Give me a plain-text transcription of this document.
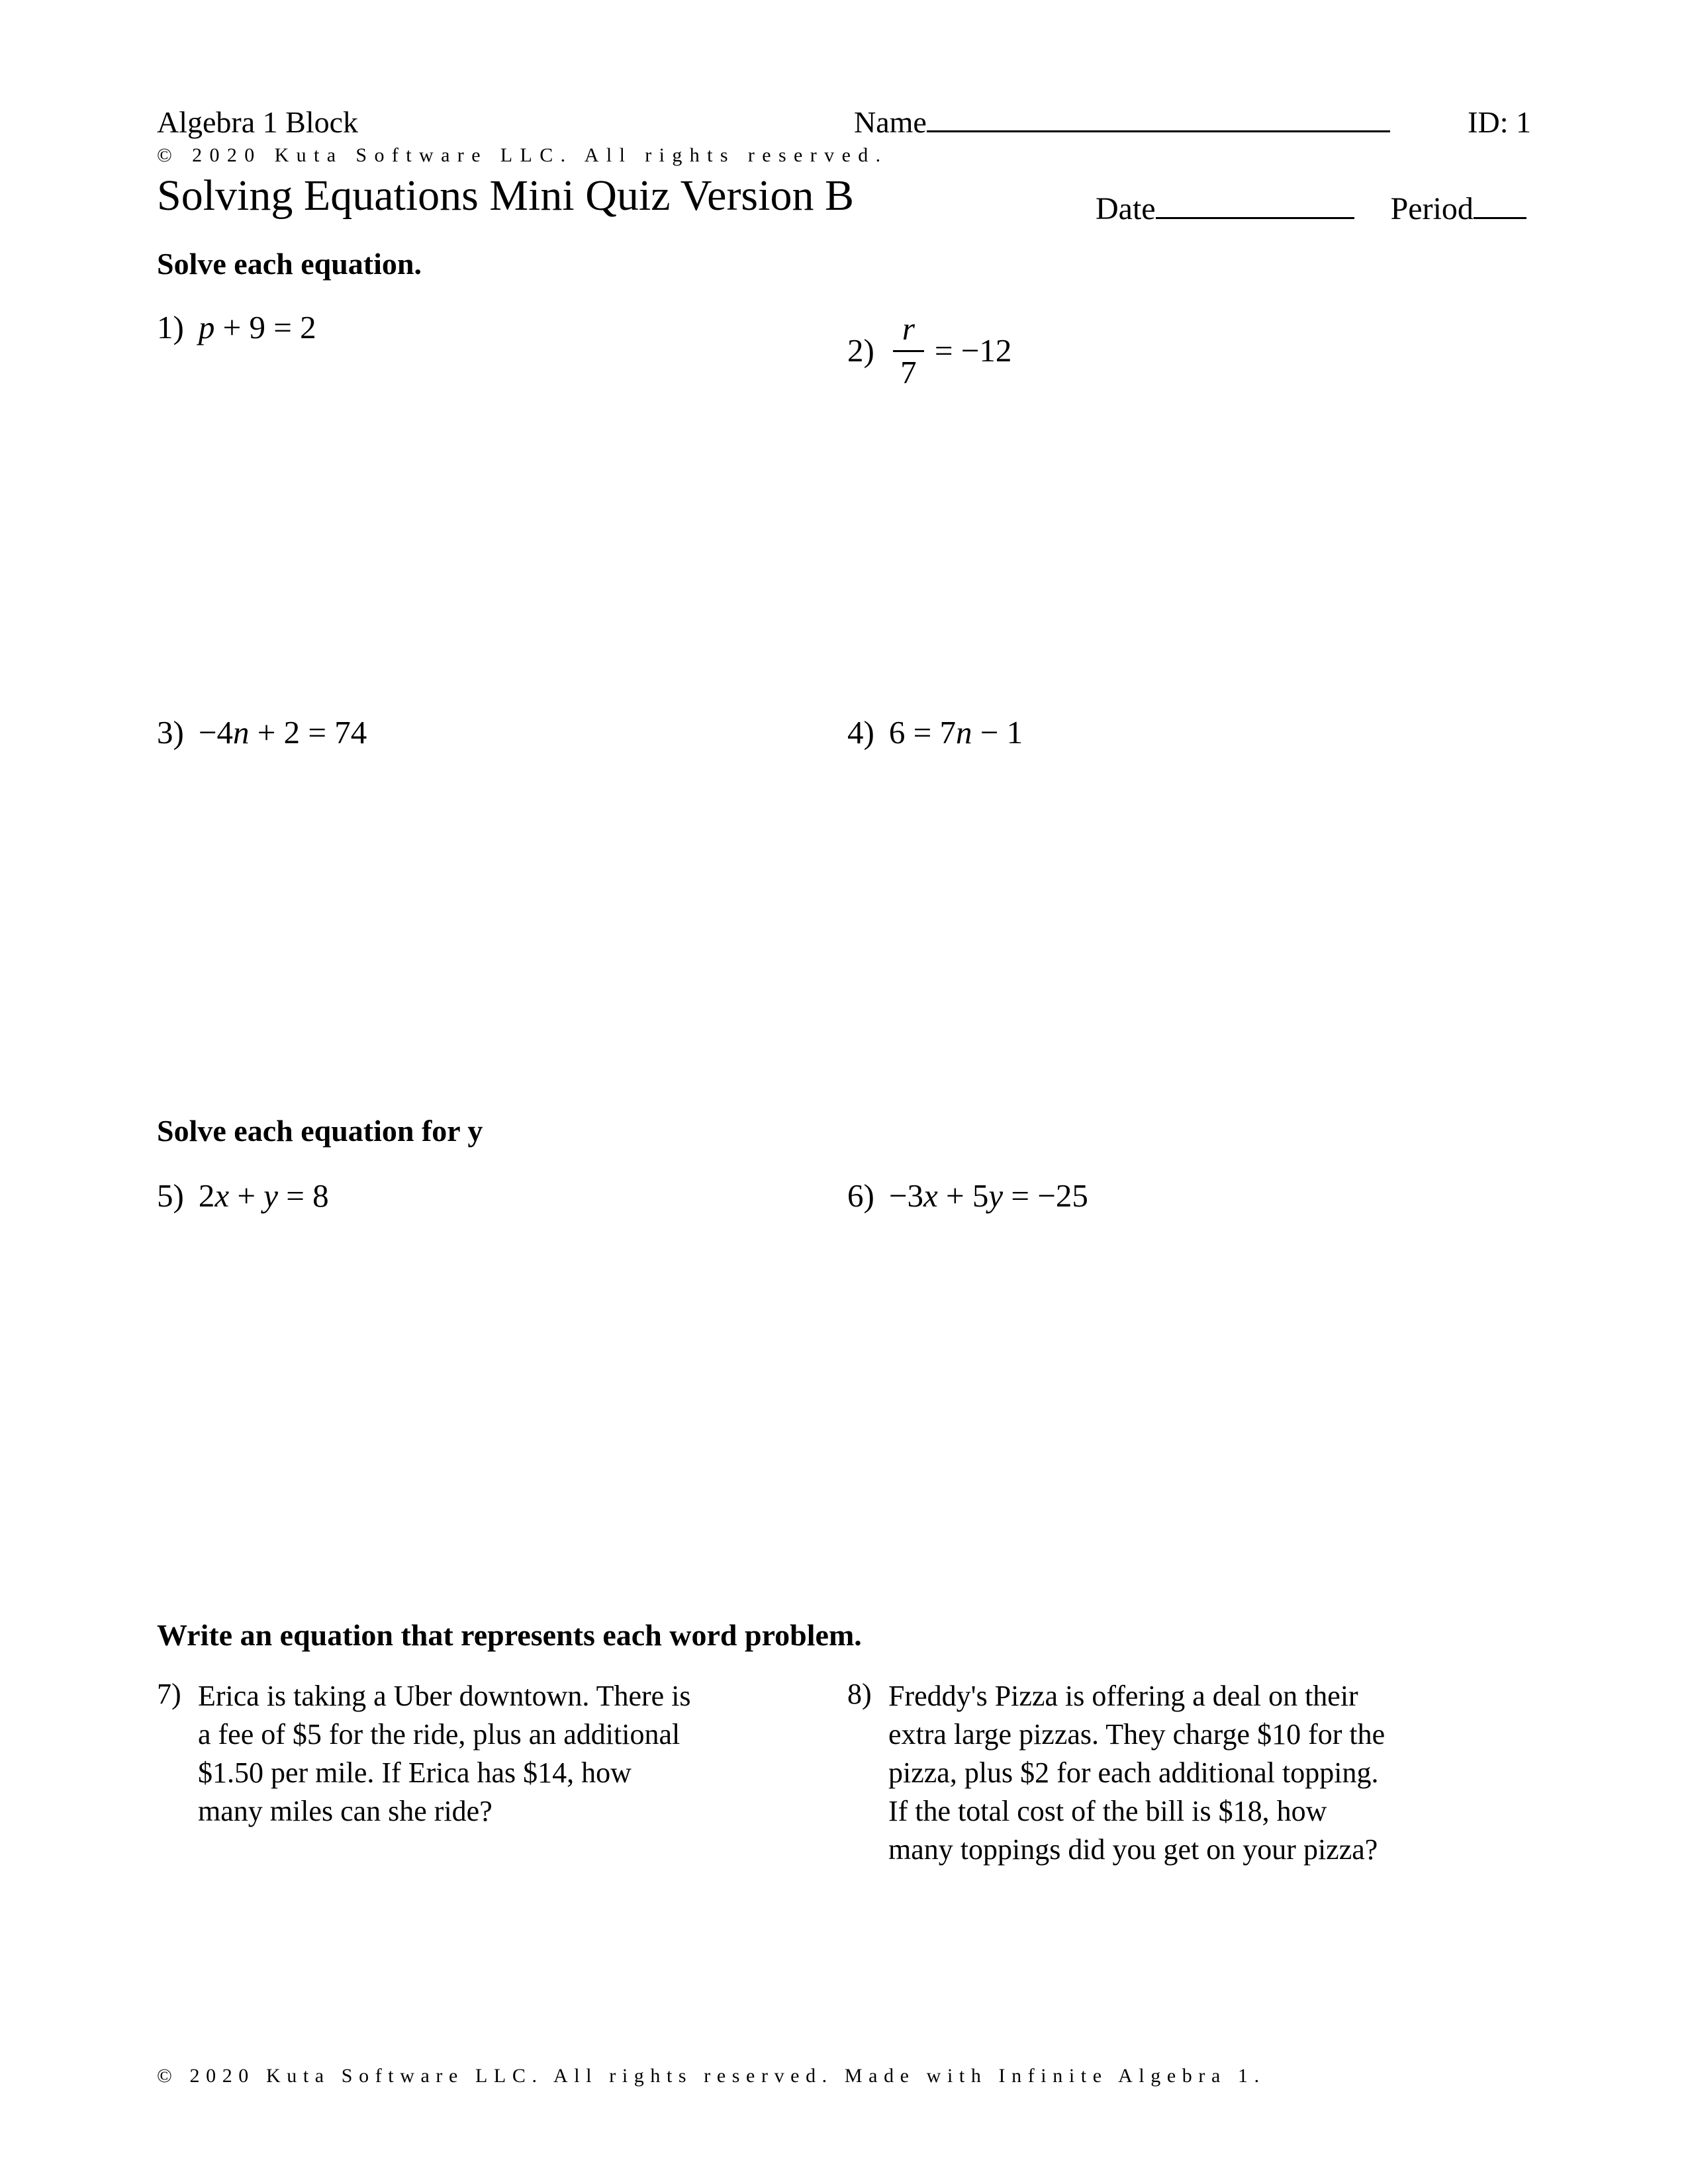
Algebra 1 Block	Name	ID: 1
© 2020 Kuta Software LLC. All rights reserved.
Solving Equations Mini Quiz Version B	Date	Period
Solve each equation.
1) p + 9 = 2
$2) \frac{r}{7} = -12$
3) −4n + 2 = 74	4) 6 = 7n − 1
Solve each equation for y
5) 2x + y = 8	6) −3x + 5y = −25
Write an equation that represents each word problem.
7) Erica is taking a Uber downtown. There is
a fee of $5 for the ride, plus an additional
$1.50 per mile. If Erica has $14, how
many miles can she ride?
8) Freddy's Pizza is offering a deal on their
extra large pizzas. They charge $10 for the
pizza, plus $2 for each additional topping.
If the total cost of the bill is $18, how
many toppings did you get on your pizza?
© 2020 Kuta Software LLC. All rights reserved. Made with Infinite Algebra 1.
